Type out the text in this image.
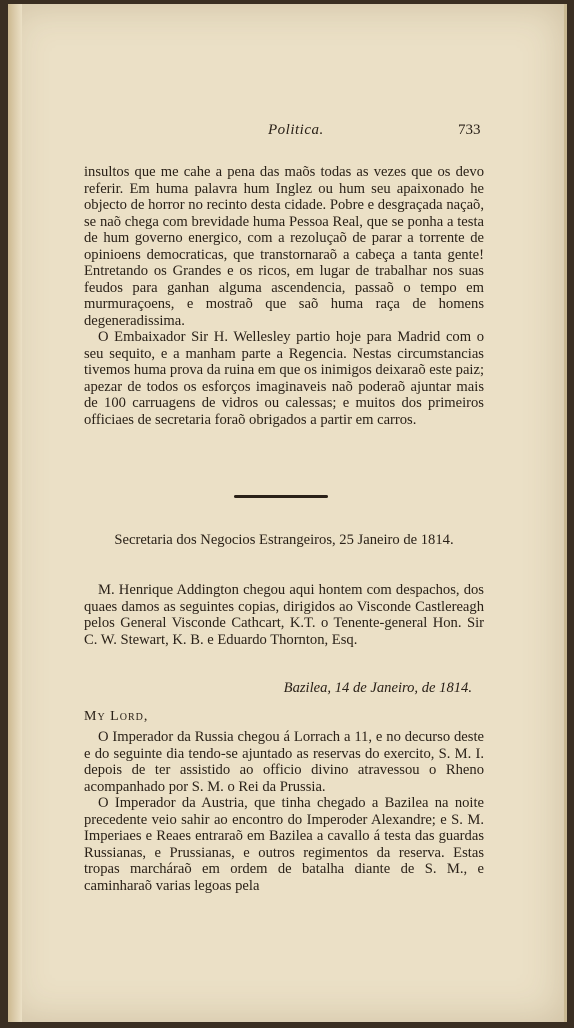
Politica.	733

insultos que me cahe a pena das maõs todas as vezes que os devo referir. Em huma palavra hum Inglez ou hum seu apaixonado he objecto de horror no recinto desta cidade. Pobre e desgraçada naçaõ, se naõ chega com brevidade huma Pessoa Real, que se ponha a testa de hum governo energico, com a rezoluçaõ de parar a torrente de opinioens democraticas, que transtornaraõ a cabeça a tanta gente! Entretando os Grandes e os ricos, em lugar de trabalhar nos suas feudos para ganhan alguma ascendencia, passaõ o tempo em murmuraçoens, e mostraõ que saõ huma raça de homens degeneradissima.

O Embaixador Sir H. Wellesley partio hoje para Madrid com o seu sequito, e a manham parte a Regencia. Nestas circumstancias tivemos huma prova da ruina em que os inimigos deixaraõ este paiz; apezar de todos os esforços imaginaveis naõ poderaõ ajuntar mais de 100 carruagens de vidros ou calessas; e muitos dos primeiros officiaes de secretaria foraõ obrigados a partir em carros.

Secretaria dos Negocios Estrangeiros, 25 Janeiro de 1814.

M. Henrique Addington chegou aqui hontem com despachos, dos quaes damos as seguintes copias, dirigidos ao Visconde Castlereagh pelos General Visconde Cathcart, K.T. o Tenente-general Hon. Sir C. W. Stewart, K. B. e Eduardo Thornton, Esq.

Bazilea, 14 de Janeiro, de 1814.
My Lord,

O Imperador da Russia chegou á Lorrach a 11, e no decurso deste e do seguinte dia tendo-se ajuntado as reservas do exercito, S. M. I. depois de ter assistido ao officio divino atravessou o Rheno acompanhado por S. M. o Rei da Prussia.

O Imperador da Austria, que tinha chegado a Bazilea na noite precedente veio sahir ao encontro do Imperoder Alexandre; e S. M. Imperiaes e Reaes entraraõ em Bazilea a cavallo á testa das guardas Russianas, e Prussianas, e outros regimentos da reserva. Estas tropas marcháraõ em ordem de batalha diante de S. M., e caminharaõ varias legoas pela
